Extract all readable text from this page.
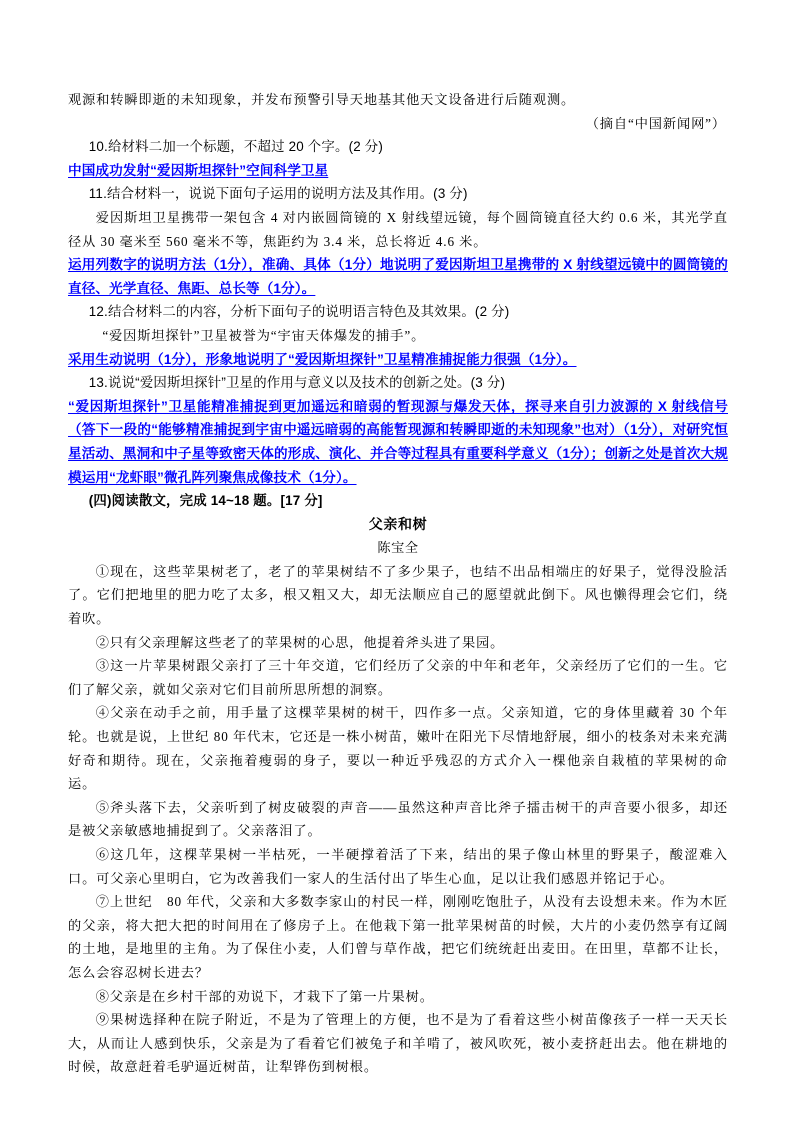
观源和转瞬即逝的未知现象，并发布预警引导天地基其他天文设备进行后随观测。

（摘自“中国新闻网”）

10.给材料二加一个标题，不超过 20 个字。(2 分)

中国成功发射“爱因斯坦探针”空间科学卫星

11.结合材料一，说说下面句子运用的说明方法及其作用。(3 分)

爱因斯坦卫星携带一架包含 4 对内嵌圆筒镜的 X 射线望远镜，每个圆筒镜直径大约 0.6 米，其光学直径从 30 毫米至 560 毫米不等，焦距约为 3.4 米，总长将近 4.6 米。

运用列数字的说明方法（1分），准确、具体（1分）地说明了爱因斯坦卫星携带的 X 射线望远镜中的圆筒镜的直径、光学直径、焦距、总长等（1分）。

12.结合材料二的内容，分析下面句子的说明语言特色及其效果。(2 分)

“爱因斯坦探针”卫星被誉为“宇宙天体爆发的捕手”。

采用生动说明（1分），形象地说明了“爱因斯坦探针”卫星精准捕捉能力很强（1分）。

13.说说“爱因斯坦探针”卫星的作用与意义以及技术的创新之处。(3 分)

“爱因斯坦探针”卫星能精准捕捉到更加遥远和暗弱的暂现源与爆发天体，探寻来自引力波源的 X 射线信号（答下一段的“能够精准捕捉到宇宙中遥远暗弱的高能暂现源和转瞬即逝的未知现象”也对）（1分），对研究恒星活动、黑洞和中子星等致密天体的形成、演化、并合等过程具有重要科学意义（1分）；创新之处是首次大规模运用“龙虾眼”微孔阵列聚焦成像技术（1分）。

(四)阅读散文，完成 14~18 题。[17 分]

父亲和树

陈宝全

①现在，这些苹果树老了，老了的苹果树结不了多少果子，也结不出品相端庄的好果子，觉得没脸活了。它们把地里的肥力吃了太多，根又粗又大，却无法顺应自己的愿望就此倒下。风也懒得理会它们，绕着吹。

②只有父亲理解这些老了的苹果树的心思，他提着斧头进了果园。

③这一片苹果树跟父亲打了三十年交道，它们经历了父亲的中年和老年，父亲经历了它们的一生。它们了解父亲，就如父亲对它们目前所思所想的洞察。

④父亲在动手之前，用手量了这棵苹果树的树干，四作多一点。父亲知道，它的身体里藏着 30 个年轮。也就是说，上世纪 80 年代末，它还是一株小树苗，嫩叶在阳光下尽情地舒展，细小的枝条对未来充满好奇和期待。现在，父亲拖着瘦弱的身子，要以一种近乎残忍的方式介入一棵他亲自栽植的苹果树的命运。

⑤斧头落下去，父亲听到了树皮破裂的声音——虽然这种声音比斧子擂击树干的声音要小很多，却还是被父亲敏感地捕捉到了。父亲落泪了。

⑥这几年，这棵苹果树一半枯死，一半硬撑着活了下来，结出的果子像山林里的野果子，酸涩难入口。可父亲心里明白，它为改善我们一家人的生活付出了毕生心血，足以让我们感恩并铭记于心。

⑦上世纪　80 年代，父亲和大多数李家山的村民一样，刚刚吃饱肚子，从没有去设想未来。作为木匠的父亲，将大把大把的时间用在了修房子上。在他栽下第一批苹果树苗的时候，大片的小麦仍然享有辽阔的土地，是地里的主角。为了保住小麦，人们曾与草作战，把它们统统赶出麦田。在田里，草都不让长，怎么会容忍树长进去？

⑧父亲是在乡村干部的劝说下，才栽下了第一片果树。

⑨果树选择种在院子附近，不是为了管理上的方便，也不是为了看着这些小树苗像孩子一样一天天长大，从而让人感到快乐，父亲是为了看着它们被兔子和羊啃了，被风吹死，被小麦挤赶出去。他在耕地的时候，故意赶着毛驴逼近树苗，让犁铧伤到树根。
